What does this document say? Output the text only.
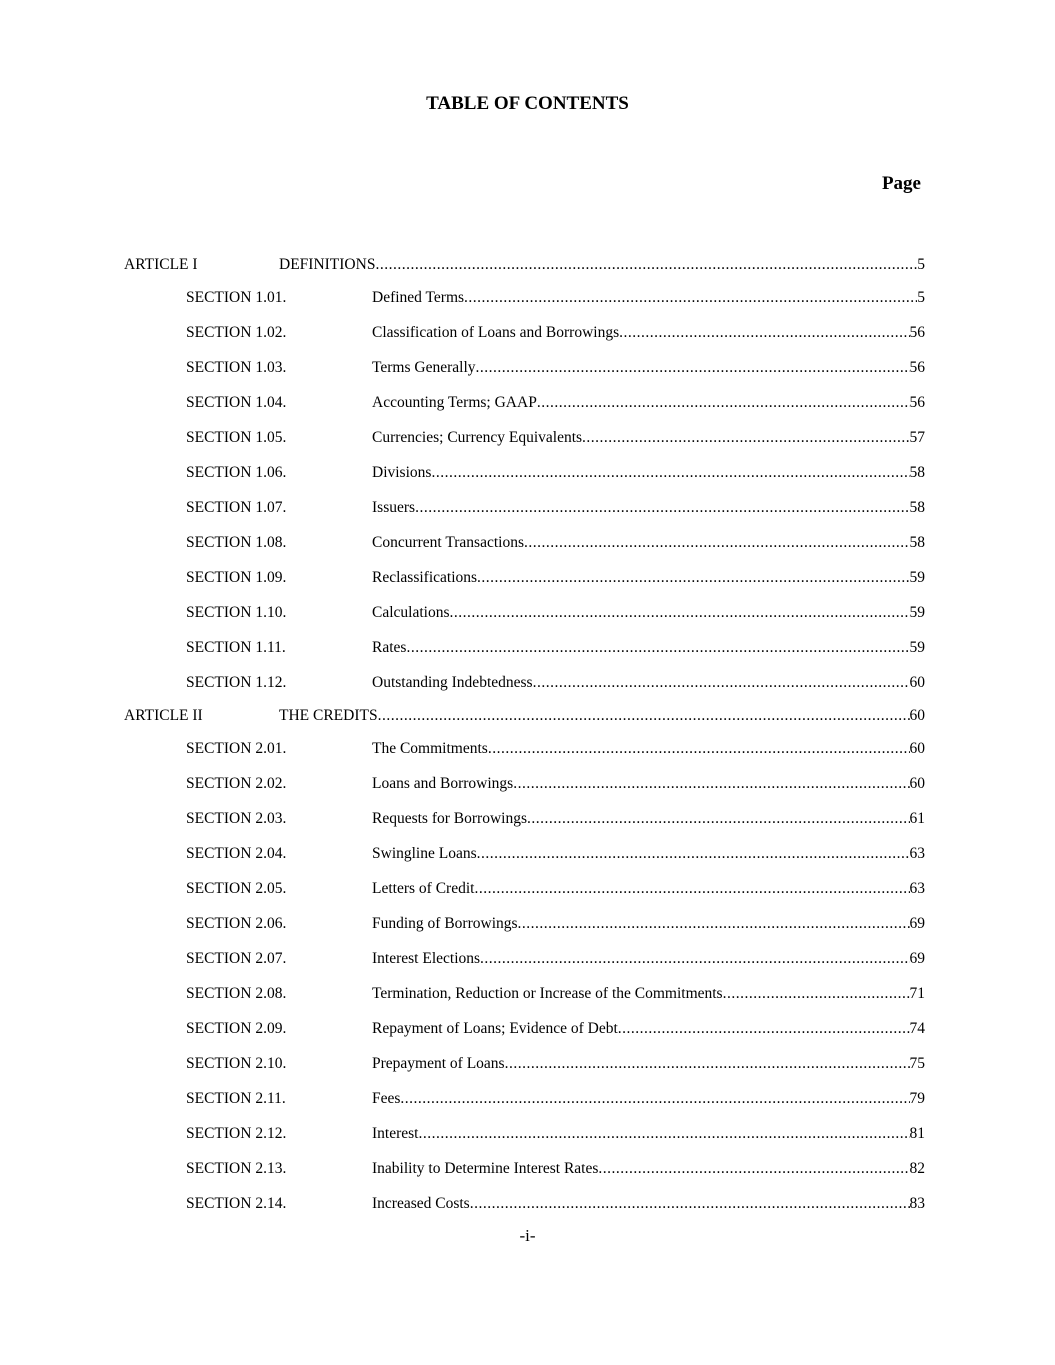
TABLE OF CONTENTS
Page
ARTICLE I	DEFINITIONS .....	5
SECTION 1.01.	Defined Terms .....	5
SECTION 1.02.	Classification of Loans and Borrowings .....	56
SECTION 1.03.	Terms Generally .....	56
SECTION 1.04.	Accounting Terms; GAAP .....	56
SECTION 1.05.	Currencies; Currency Equivalents .....	57
SECTION 1.06.	Divisions .....	58
SECTION 1.07.	Issuers .....	58
SECTION 1.08.	Concurrent Transactions .....	58
SECTION 1.09.	Reclassifications .....	59
SECTION 1.10.	Calculations .....	59
SECTION 1.11.	Rates .....	59
SECTION 1.12.	Outstanding Indebtedness .....	60
ARTICLE II	THE CREDITS .....	60
SECTION 2.01.	The Commitments .....	60
SECTION 2.02.	Loans and Borrowings .....	60
SECTION 2.03.	Requests for Borrowings .....	61
SECTION 2.04.	Swingline Loans .....	63
SECTION 2.05.	Letters of Credit .....	63
SECTION 2.06.	Funding of Borrowings .....	69
SECTION 2.07.	Interest Elections .....	69
SECTION 2.08.	Termination, Reduction or Increase of the Commitments .....	71
SECTION 2.09.	Repayment of Loans; Evidence of Debt .....	74
SECTION 2.10.	Prepayment of Loans .....	75
SECTION 2.11.	Fees .....	79
SECTION 2.12.	Interest .....	81
SECTION 2.13.	Inability to Determine Interest Rates .....	82
SECTION 2.14.	Increased Costs .....	83
-i-
